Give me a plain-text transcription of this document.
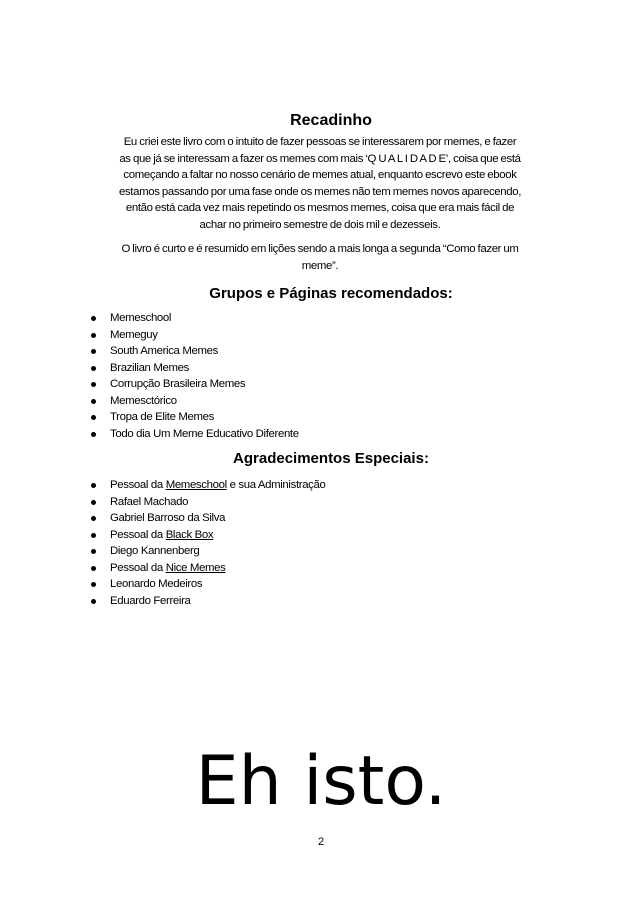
Recadinho
Eu criei este livro com o intuito de fazer pessoas se interessarem por memes, e fazer
as que já se interessam a fazer os memes com mais ‘Q U A L I D A D E’, coisa que está
começando a faltar no nosso cenário de memes atual, enquanto escrevo este ebook
estamos passando por uma fase onde os memes não tem memes novos aparecendo,
então está cada vez mais repetindo os mesmos memes, coisa que era mais fácil de
achar no primeiro semestre de dois mil e dezesseis.
O livro é curto e é resumido em lições sendo a mais longa a segunda “Como fazer um
meme”.
Grupos e Páginas recomendados:
Memeschool
Memeguy
South America Memes
Brazilian Memes
Corrupção Brasileira Memes
Memesctórico
Tropa de Elite Memes
Todo dia Um Meme Educativo Diferente
Agradecimentos Especiais:
Pessoal da Memeschool e sua Administração
Rafael Machado
Gabriel Barroso da Silva
Pessoal da Black Box
Diego Kannenberg
Pessoal da Nice Memes
Leonardo Medeiros
Eduardo Ferreira
Eh isto.
2
